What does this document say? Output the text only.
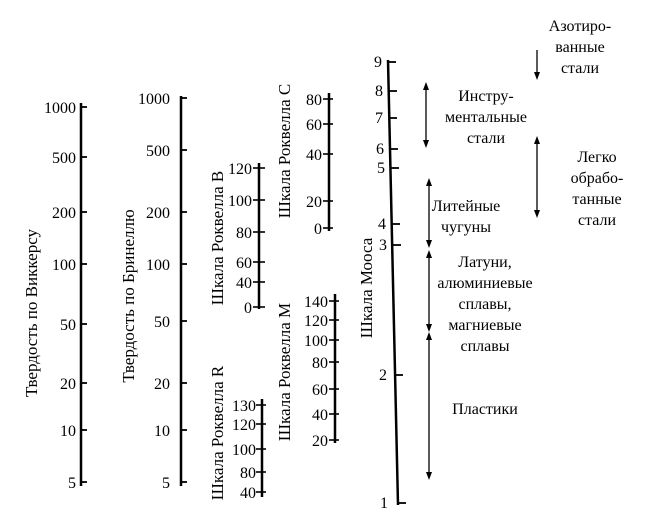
Твердость по Виккерсу
1000
500
200
100
50
20
10
5
Твердость по Бринеллю
1000
500
200
100
50
20
10
5
Шкала Роквелла B
120
100
80
60
40
0
Шкала Роквелла C 80
60
40
20
0
Шкала Роквелла M
140
120
100
80
60
40
20
Шкала Роквелла R 130
120
100
80
40
Шкала Мооса
9
8
7
6
5
4
3
2
1
Азотиро-
ванные
стали
Инстру-
ментальные
стали
Легко
обрабо-
танные
стали
Литейные
чугуны
Латуни,
алюминиевые
сплавы,
магниевые
сплавы
Пластики
